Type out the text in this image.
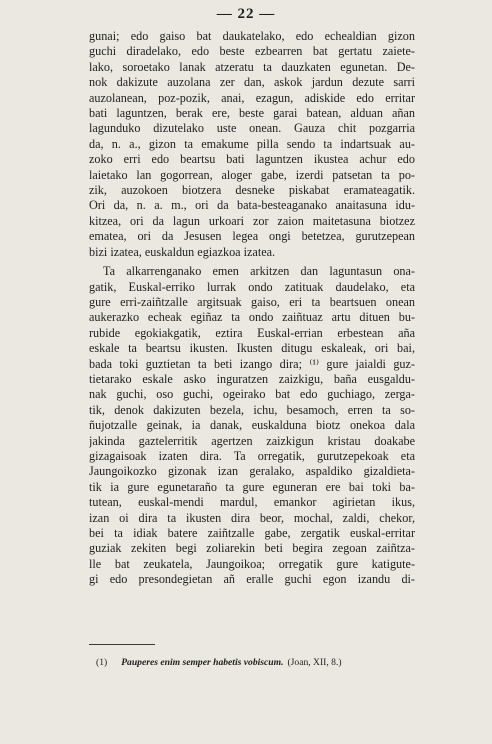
— 22 —
gunai; edo gaiso bat daukatelako, edo echealdian gizon
guchi diradelako, edo beste ezbearren bat gertatu zaiete-
lako, soroetako lanak atzeratu ta dauzkaten egunetan. De-
nok dakizute auzolana zer dan, askok jardun dezute sarri
auzolanean, poz-pozik, anai, ezagun, adiskide edo erritar
bati laguntzen, berak ere, beste garai batean, alduan añan
lagunduko dizutelako uste onean. Gauza chit pozgarria
da, n. a., gizon ta emakume pilla sendo ta indartsuak au-
zoko erri edo beartsu bati laguntzen ikustea achur edo
laietako lan gogorrean, aloger gabe, izerdi patsetan ta po-
zik, auzokoen biotzera desneke piskabat eramateagatik.
Ori da, n. a. m., ori da bata-besteaganako anaitasuna idu-
kitzea, ori da lagun urkoari zor zaion maitetasuna biotzez
ematea, ori da Jesusen legea ongi betetzea, gurutzepean
bizi izatea, euskaldun egiazkoa izatea.
Ta alkarrenganako emen arkitzen dan laguntasun ona-
gatik, Euskal-erriko lurrak ondo zatituak daudelako, eta
gure erri-zaiñtzalle argitsuak gaiso, eri ta beartsuen onean
aukerazko echeak egiñaz ta ondo zaiñtuaz artu dituen bu-
rubide egokiakgatik, eztira Euskal-errian erbestean aña
eskale ta beartsu ikusten. Ikusten ditugu eskaleak, ori bai,
bada toki guztietan ta beti izango dira; ⁽¹⁾ gure jaialdi guz-
tietarako eskale asko inguratzen zaizkigu, baña eusgaldu-
nak guchi, oso guchi, ogeirako bat edo guchiago, zerga-
tik, denok dakizuten bezela, ichu, besamoch, erren ta so-
ñujotzalle geinak, ia danak, euskalduna biotz onekoa dala
jakinda gaztelerritik agertzen zaizkigun kristau doakabe
gizagaisoak izaten dira. Ta orregatik, gurutzepekoak eta
Jaungoikozko gizonak izan geralako, aspaldiko gizaldieta-
tik ia gure egunetaraño ta gure eguneran ere bai toki ba-
tutean, euskal-mendi mardul, emankor agirietan ikus,
izan oi dira ta ikusten dira beor, mochal, zaldi, chekor,
bei ta idiak batere zaiñtzalle gabe, zergatik euskal-erritar
guziak zekiten begi zoliarekin beti begira zegoan zaiñtza-
lle bat zeukatela, Jaungoikoa; orregatik gure katigute-
gi edo presondegietan añ eralle guchi egon izandu di-
(1) Pauperes enim semper habetis vobiscum. (Joan, XII, 8.)
